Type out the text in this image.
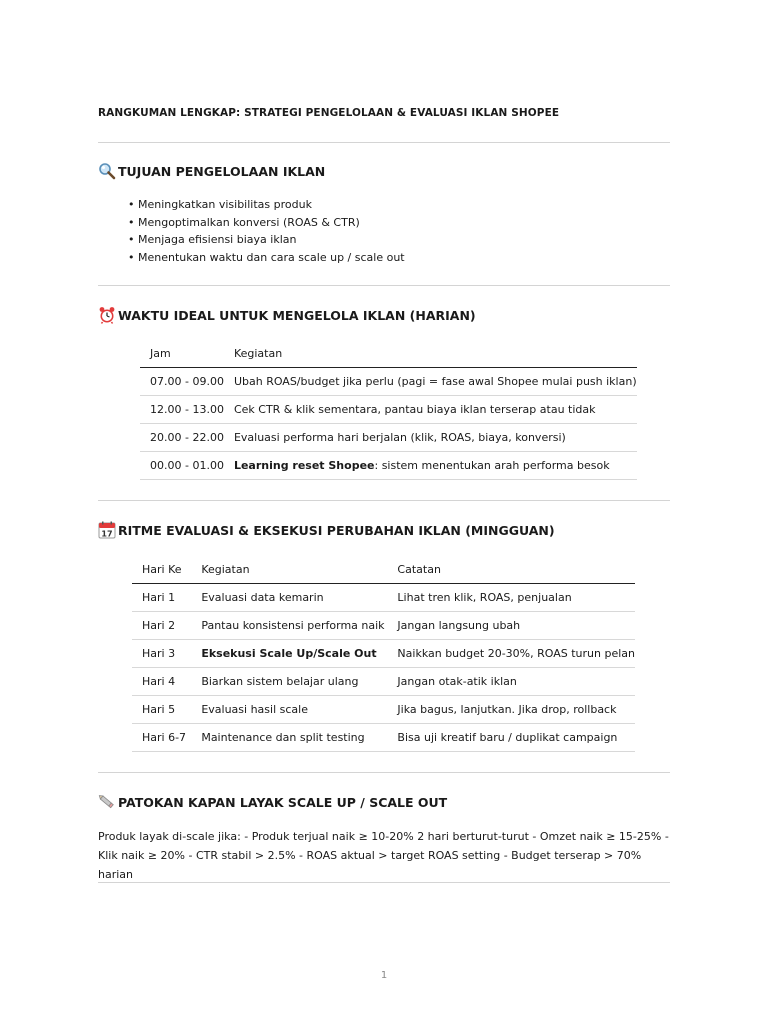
RANGKUMAN LENGKAP: STRATEGI PENGELOLAAN & EVALUASI IKLAN SHOPEE
TUJUAN PENGELOLAAN IKLAN
• Meningkatkan visibilitas produk
• Mengoptimalkan konversi (ROAS & CTR)
• Menjaga efisiensi biaya iklan
• Menentukan waktu dan cara scale up / scale out
WAKTU IDEAL UNTUK MENGELOLA IKLAN (HARIAN)
Jam	Kegiatan
07.00 - 09.00	Ubah ROAS/budget jika perlu (pagi = fase awal Shopee mulai push iklan)
12.00 - 13.00	Cek CTR & klik sementara, pantau biaya iklan terserap atau tidak
20.00 - 22.00	Evaluasi performa hari berjalan (klik, ROAS, biaya, konversi)
00.00 - 01.00	Learning reset Shopee: sistem menentukan arah performa besok
17 RITME EVALUASI & EKSEKUSI PERUBAHAN IKLAN (MINGGUAN)
Hari Ke	Kegiatan	Catatan
Hari 1	Evaluasi data kemarin	Lihat tren klik, ROAS, penjualan
Hari 2	Pantau konsistensi performa naik	Jangan langsung ubah
Hari 3	Eksekusi Scale Up/Scale Out	Naikkan budget 20-30%, ROAS turun pelan
Hari 4	Biarkan sistem belajar ulang	Jangan otak-atik iklan
Hari 5	Evaluasi hasil scale	Jika bagus, lanjutkan. Jika drop, rollback
Hari 6-7	Maintenance dan split testing	Bisa uji kreatif baru / duplikat campaign
PATOKAN KAPAN LAYAK SCALE UP / SCALE OUT
Produk layak di-scale jika: - Produk terjual naik ≥ 10-20% 2 hari berturut-turut - Omzet naik ≥ 15-25% - Klik naik ≥ 20% - CTR stabil > 2.5% - ROAS aktual > target ROAS setting - Budget terserap > 70% harian
1
